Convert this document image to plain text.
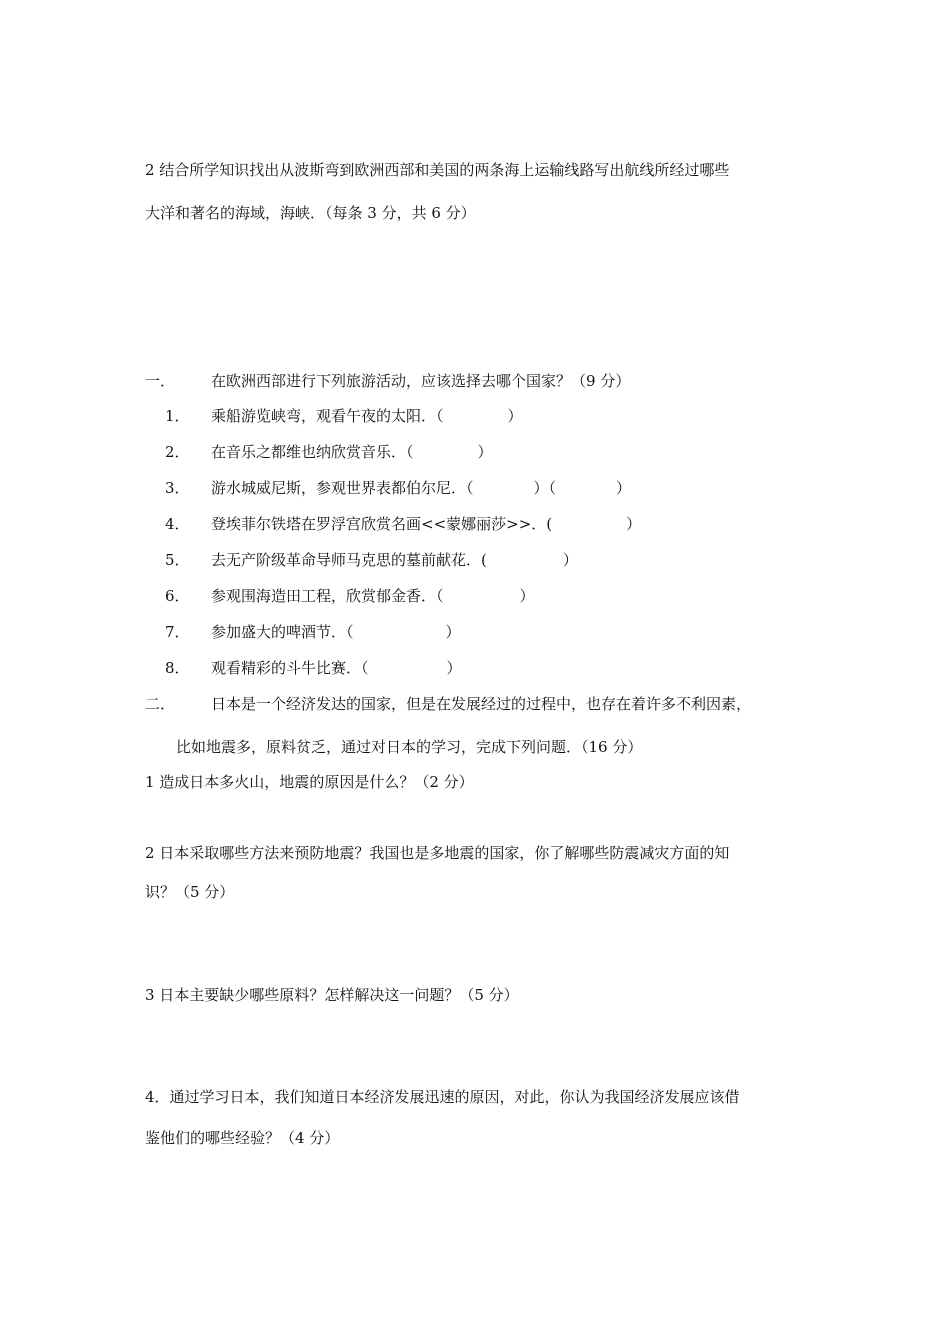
2 结合所学知识找出从波斯弯到欧洲西部和美国的两条海上运输线路写出航线所经过哪些
大洋和著名的海域，海峡．（每条 3 分，共 6 分）
一． 在欧洲西部进行下列旅游活动，应该选择去哪个国家？（9 分）
1． 乘船游览峡弯，观看午夜的太阳．（	）
2． 在音乐之都维也纳欣赏音乐．（	）
3． 游水城威尼斯，参观世界表都伯尔尼．（	）（	）
4． 登埃菲尔铁塔在罗浮宫欣赏名画<<蒙娜丽莎>>．(	）
5． 去无产阶级革命导师马克思的墓前献花．(	）
6． 参观围海造田工程，欣赏郁金香．（	）
7． 参加盛大的啤酒节．（	）
8． 观看精彩的斗牛比赛．（	）
二． 日本是一个经济发达的国家，但是在发展经过的过程中，也存在着许多不利因素，
比如地震多，原料贫乏，通过对日本的学习，完成下列问题．（16 分）
1 造成日本多火山，地震的原因是什么？（2 分）
2 日本采取哪些方法来预防地震？我国也是多地震的国家，你了解哪些防震减灾方面的知
识？（5 分）
3 日本主要缺少哪些原料？怎样解决这一问题？（5 分）
4．通过学习日本，我们知道日本经济发展迅速的原因，对此，你认为我国经济发展应该借
鉴他们的哪些经验？（4 分）
